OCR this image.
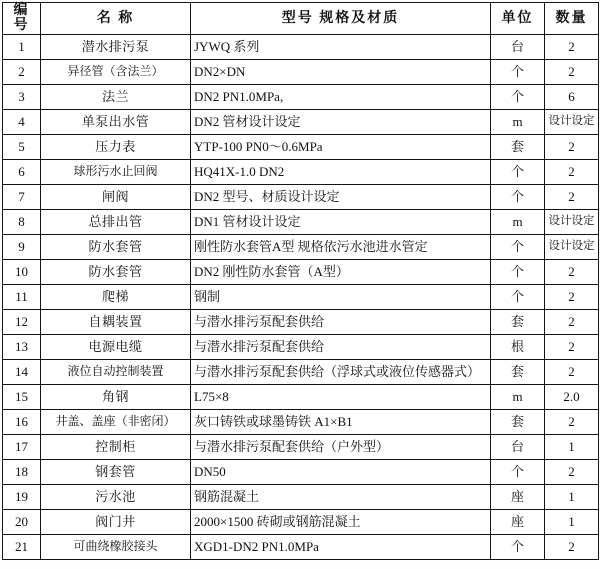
编号	名 称	型号 规格及材质	单位	数量
1	潜水排污泵	JYWQ 系列	台	2
2	异径管（含法兰）	DN2×DN	个	2
3	法兰	DN2 PN1.0MPa,	个	6
4	单泵出水管	DN2 管材设计设定	m	设计设定
5	压力表	YTP-100 PN0～0.6MPa	套	2
6	球形污水止回阀	HQ41X-1.0 DN2	个	2
7	闸阀	DN2 型号、材质设计设定	个	2
8	总排出管	DN1 管材设计设定	m	设计设定
9	防水套管	刚性防水套管A型 规格依污水池进水管定	个	设计设定
10	防水套管	DN2 刚性防水套管（A型）	个	2
11	爬梯	钢制	个	2
12	自耦装置	与潜水排污泵配套供给	套	2
13	电源电缆	与潜水排污泵配套供给	根	2
14	液位自动控制装置	与潜水排污泵配套供给（浮球式或液位传感器式）	套	2
15	角钢	L75×8	m	2.0
16	井盖、盖座（非密闭）	灰口铸铁或球墨铸铁 A1×B1	套	2
17	控制柜	与潜水排污泵配套供给（户外型）	台	1
18	钢套管	DN50	个	2
19	污水池	钢筋混凝土	座	1
20	阀门井	2000×1500 砖砌或钢筋混凝土	座	1
21	可曲绕橡胶接头	XGD1-DN2 PN1.0MPa	个	2
